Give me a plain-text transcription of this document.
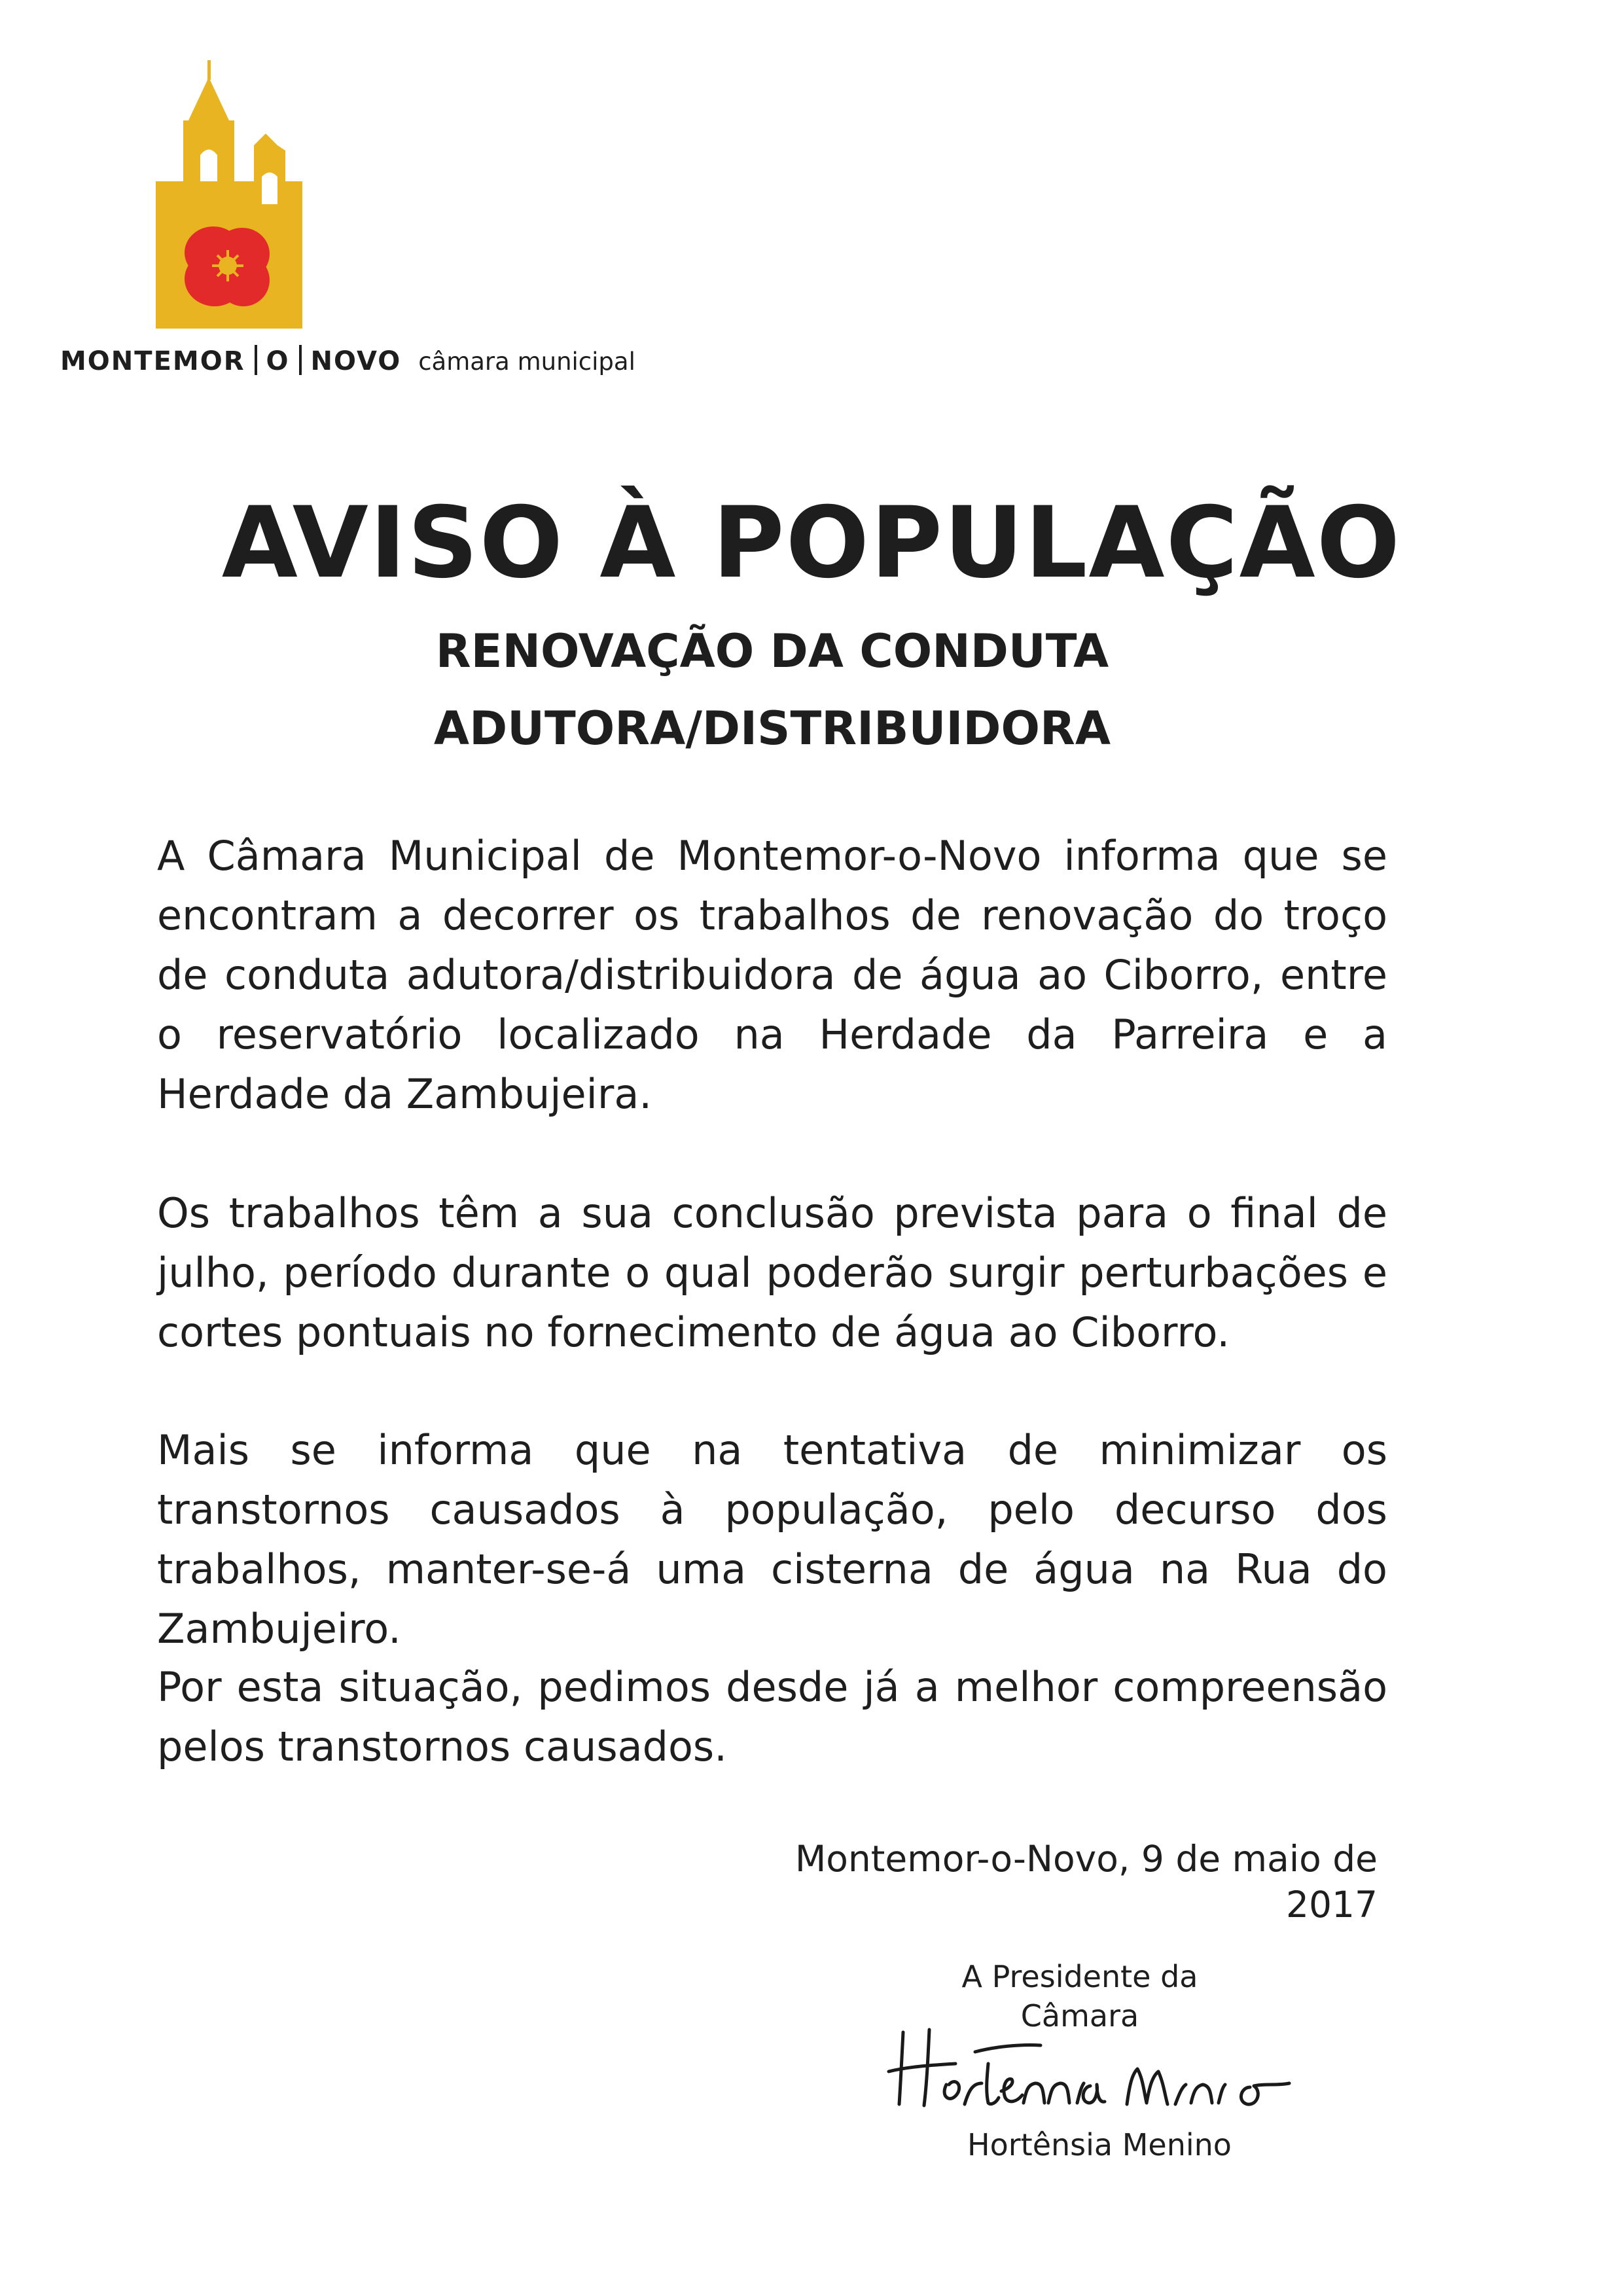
MONTEMOR O NOVO câmara municipal
AVISO À POPULAÇÃO
RENOVAÇÃO DA CONDUTA
ADUTORA/DISTRIBUIDORA

A Câmara Municipal de Montemor-o-Novo informa que se encontram a decorrer os trabalhos de renovação do troço de conduta adutora/distribuidora de água ao Ciborro, entre o reservatório localizado na Herdade da Parreira e a Herdade da Zambujeira.

Os trabalhos têm a sua conclusão prevista para o final de julho, período durante o qual poderão surgir perturbações e cortes pontuais no fornecimento de água ao Ciborro.

Mais se informa que na tentativa de minimizar os transtornos causados à população, pelo decurso dos trabalhos, manter-se-á uma cisterna de água na Rua do Zambujeiro.

Por esta situação, pedimos desde já a melhor compreensão pelos transtornos causados.

Montemor-o-Novo, 9 de maio de 2017
A Presidente da Câmara
Hortênsia Menino
